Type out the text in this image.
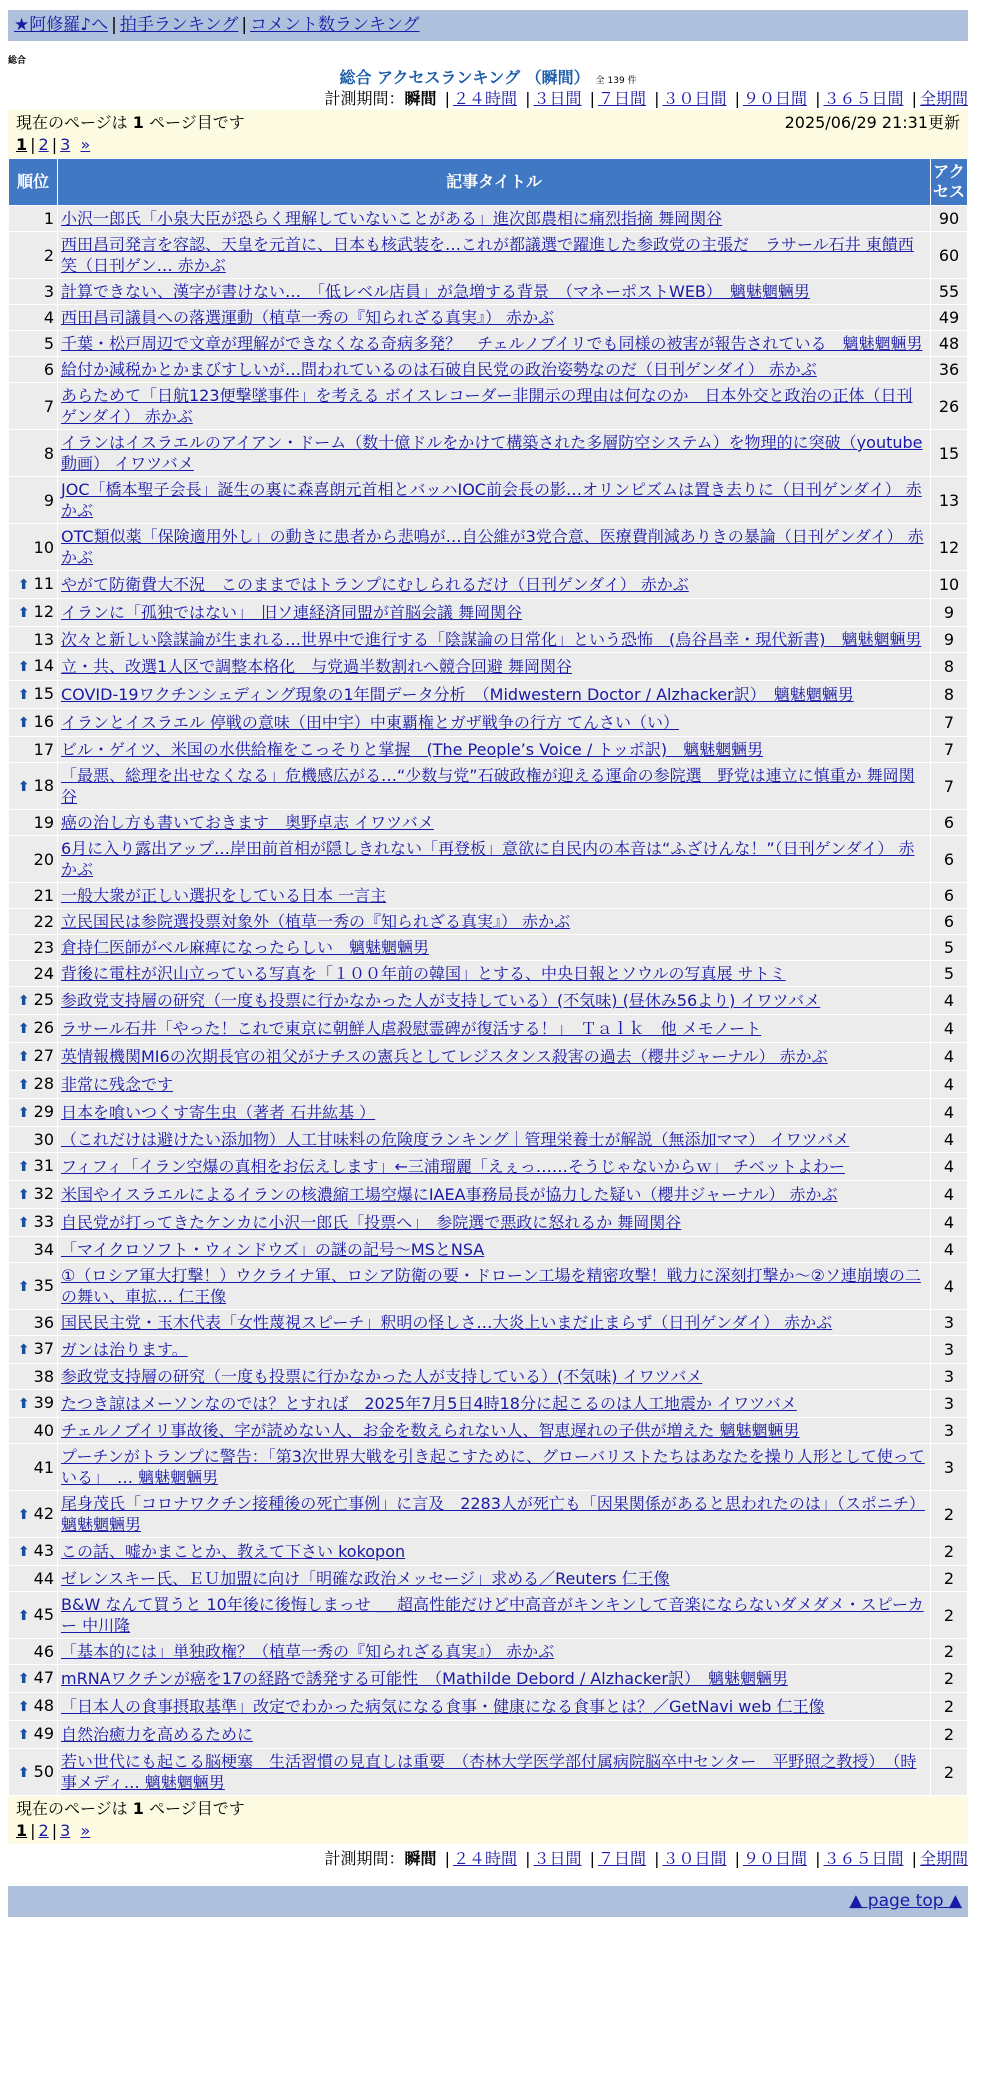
★阿修羅♪へ | 拍手ランキング | コメント数ランキング
総合
総合 アクセスランキング （瞬間） 全 139 件
計測期間：瞬間 | ２４時間 | ３日間 | ７日間 | ３０日間 | ９０日間 | ３６５日間 | 全期間
現在のページは 1 ページ目です	2025/06/29 21:31更新
1 | 2 | 3 »
順位	記事タイトル	アクセス
1	小沢一郎氏「小泉大臣が恐らく理解していないことがある」進次郎農相に痛烈指摘 舞岡関谷	90
2	西田昌司発言を容認、天皇を元首に、日本も核武装を…これが都議選で躍進した参政党の主張だ　ラサール石井 東饋西笑（日刊ゲン… 赤かぶ	60
3	計算できない、漢字が書けない…　「低レベル店員」が急増する背景　（マネーポストWEB）　魑魅魍魎男	55
4	西田昌司議員への落選運動（植草一秀の『知られざる真実』） 赤かぶ	49
5	千葉・松戸周辺で文章が理解ができなくなる奇病多発？　チェルノブイリでも同様の被害が報告されている　魑魅魍魎男	48
6	給付か減税かとかまびすしいが…問われているのは石破自民党の政治姿勢なのだ（日刊ゲンダイ） 赤かぶ	36
7	あらためて「日航123便撃墜事件」を考える ボイスレコーダー非開示の理由は何なのか　日本外交と政治の正体（日刊ゲンダイ） 赤かぶ	26
8	イランはイスラエルのアイアン・ドーム（数十億ドルをかけて構築された多層防空システム）を物理的に突破（youtube動画） イワツバメ	15
9	JOC「橋本聖子会長」誕生の裏に森喜朗元首相とバッハIOC前会長の影…オリンピズムは置き去りに（日刊ゲンダイ） 赤かぶ	13
10	OTC類似薬「保険適用外し」の動きに患者から悲鳴が…自公維が3党合意、医療費削減ありきの暴論（日刊ゲンダイ） 赤かぶ	12
⬆ 11	やがて防衛費大不況　このままではトランプにむしられるだけ（日刊ゲンダイ） 赤かぶ	10
⬆ 12	イランに「孤独ではない」　旧ソ連経済同盟が首脳会議 舞岡関谷	9
13	次々と新しい陰謀論が生まれる…世界中で進行する「陰謀論の日常化」という恐怖　(烏谷昌幸・現代新書)　魑魅魍魎男	9
⬆ 14	立・共、改選1人区で調整本格化　与党過半数割れへ競合回避 舞岡関谷	8
⬆ 15	COVID-19ワクチンシェディング現象の1年間データ分析　（Midwestern Doctor / Alzhacker訳）　魑魅魍魎男	8
⬆ 16	イランとイスラエル 停戦の意味（田中宇）中東覇権とガザ戦争の行方 てんさい（い）	7
17	ビル・ゲイツ、米国の水供給権をこっそりと掌握　(The People’s Voice / トッポ訳)　魑魅魍魎男	7
⬆ 18	「最悪、総理を出せなくなる」危機感広がる…“少数与党”石破政権が迎える運命の参院選　野党は連立に慎重か 舞岡関谷	7
19	癌の治し方も書いておきます　奥野卓志 イワツバメ	6
20	6月に入り露出アップ…岸田前首相が隠しきれない「再登板」意欲に自民内の本音は“ふざけんな！”（日刊ゲンダイ） 赤かぶ	6
21	一般大衆が正しい選択をしている日本 一言主	6
22	立民国民は参院選投票対象外（植草一秀の『知られざる真実』） 赤かぶ	6
23	倉持仁医師がベル麻痺になったらしい　魑魅魍魎男	5
24	背後に電柱が沢山立っている写真を「１００年前の韓国」とする、中央日報とソウルの写真展 サトミ	5
⬆ 25	参政党支持層の研究（一度も投票に行かなかった人が支持している）(不気味) (昼休み56より) イワツバメ	4
⬆ 26	ラサール石井「やった！これで東京に朝鮮人虐殺慰霊碑が復活する！」　Ｔａｌｋ　他 メモノート	4
⬆ 27	英情報機関MI6の次期長官の祖父がナチスの憲兵としてレジスタンス殺害の過去（櫻井ジャーナル） 赤かぶ	4
⬆ 28	非常に残念です	4
⬆ 29	日本を喰いつくす寄生虫（著者 石井紘基 ）	4
30	（これだけは避けたい添加物）人工甘味料の危険度ランキング｜管理栄養士が解説（無添加ママ） イワツバメ	4
⬆ 31	フィフィ「イラン空爆の真相をお伝えします」←三浦瑠麗「えぇっ……そうじゃないからｗ」 チベットよわー	4
⬆ 32	米国やイスラエルによるイランの核濃縮工場空爆にIAEA事務局長が協力した疑い（櫻井ジャーナル） 赤かぶ	4
⬆ 33	自民党が打ってきたケンカに小沢一郎氏「投票へ」　参院選で悪政に怒れるか 舞岡関谷	4
34	「マイクロソフト・ウィンドウズ」の謎の記号～MSとNSA	4
⬆ 35	①（ロシア軍大打撃！）ウクライナ軍、ロシア防衛の要・ドローン工場を精密攻撃！戦力に深刻打撃か～②ソ連崩壊の二の舞い、車拡… 仁王像	4
36	国民民主党・玉木代表「女性蔑視スピーチ」釈明の怪しさ…大炎上いまだ止まらず（日刊ゲンダイ） 赤かぶ	3
⬆ 37	ガンは治ります。	3
38	参政党支持層の研究（一度も投票に行かなかった人が支持している）(不気味) イワツバメ	3
⬆ 39	たつき諒はメーソンなのでは？とすれば　2025年7月5日4時18分に起こるのは人工地震か イワツバメ	3
40	チェルノブイリ事故後、字が読めない人、お金を数えられない人、智恵遅れの子供が増えた 魑魅魍魎男	3
41	プーチンがトランプに警告：「第3次世界大戦を引き起こすために、グローバリストたちはあなたを操り人形として使っている」　… 魑魅魍魎男	3
⬆ 42	尾身茂氏「コロナワクチン接種後の死亡事例」に言及　2283人が死亡も「因果関係があると思われたのは」（スポニチ） 魑魅魍魎男	2
⬆ 43	この話、嘘かまことか、教えて下さい kokopon	2
44	ゼレンスキー氏、ＥＵ加盟に向け「明確な政治メッセージ」求める／Reuters 仁王像	2
⬆ 45	B&W なんて買うと 10年後に後悔しまっせ ＿ 超高性能だけど中高音がキンキンして音楽にならないダメダメ・スピーカー 中川隆	2
46	「基本的には」単独政権？（植草一秀の『知られざる真実』） 赤かぶ	2
⬆ 47	mRNAワクチンが癌を17の経路で誘発する可能性　（Mathilde Debord / Alzhacker訳）　魑魅魍魎男	2
⬆ 48	「日本人の食事摂取基準」改定でわかった病気になる食事・健康になる食事とは？／GetNavi web 仁王像	2
⬆ 49	自然治癒力を高めるために	2
⬆ 50	若い世代にも起こる脳梗塞　生活習慣の見直しは重要　（杏林大学医学部付属病院脳卒中センター　平野照之教授）　（時事メディ… 魑魅魍魎男	2
現在のページは 1 ページ目です
1 | 2 | 3 »
計測期間：瞬間 | ２４時間 | ３日間 | ７日間 | ３０日間 | ９０日間 | ３６５日間 | 全期間
▲ page top ▲
